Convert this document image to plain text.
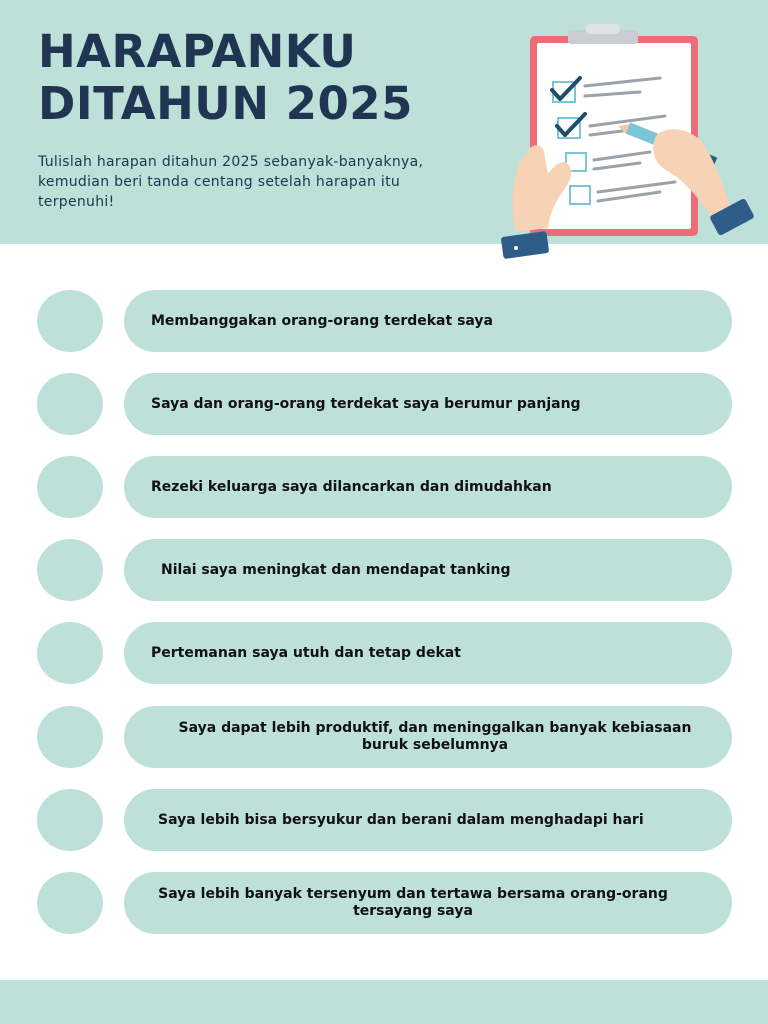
HARAPANKU
DITAHUN 2025

Tulislah harapan ditahun 2025 sebanyak-banyaknya, kemudian beri tanda centang setelah harapan itu terpenuhi!

Membanggakan orang-orang terdekat saya
Saya dan orang-orang terdekat saya berumur panjang
Rezeki keluarga saya dilancarkan dan dimudahkan
Nilai saya meningkat dan mendapat tanking
Pertemanan saya utuh dan tetap dekat
Saya dapat lebih produktif, dan meninggalkan banyak kebiasaan buruk sebelumnya
Saya lebih bisa bersyukur dan berani dalam menghadapi hari
Saya lebih banyak tersenyum dan tertawa bersama orang-orang tersayang saya
